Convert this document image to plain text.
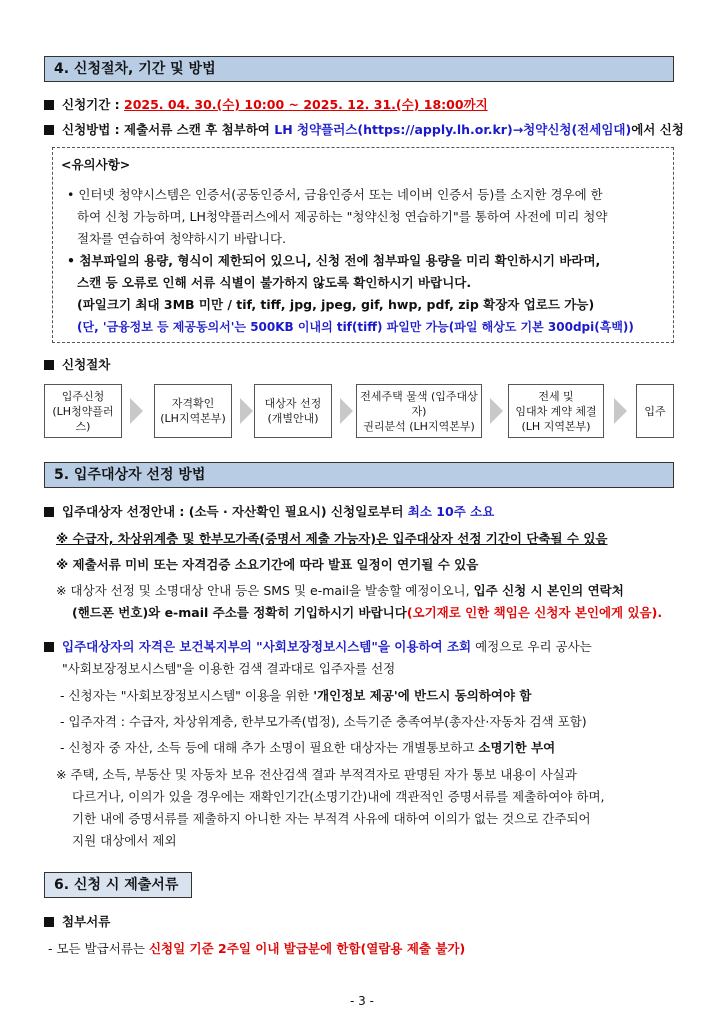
4. 신청절차, 기간 및 방법
신청기간 : 2025. 04. 30.(수) 10:00 ~ 2025. 12. 31.(수) 18:00까지
신청방법 : 제출서류 스캔 후 첨부하여 LH 청약플러스(https://apply.lh.or.kr)→청약신청(전세임대)에서 신청
<유의사항>
• 인터넷 청약시스템은 인증서(공동인증서, 금융인증서 또는 네이버 인증서 등)를 소지한 경우에 한
하여 신청 가능하며, LH청약플러스에서 제공하는 "청약신청 연습하기"를 통하여 사전에 미리 청약
절차를 연습하여 청약하시기 바랍니다.
• 첨부파일의 용량, 형식이 제한되어 있으니, 신청 전에 첨부파일 용량을 미리 확인하시기 바라며,
스캔 등 오류로 인해 서류 식별이 불가하지 않도록 확인하시기 바랍니다.
(파일크기 최대 3MB 미만 / tif, tiff, jpg, jpeg, gif, hwp, pdf, zip 확장자 업로드 가능)
(단, '금융정보 등 제공동의서'는 500KB 이내의 tif(tiff) 파일만 가능(파일 해상도 기본 300dpi(흑백))
신청절차
입주신청
(LH청약플러스)
자격확인
(LH지역본부)
대상자 선정
(개별안내)
전세주택 물색 (입주대상자)
권리분석 (LH지역본부)
전세 및
임대차 계약 체결
(LH 지역본부)
입주
5. 입주대상자 선정 방법
입주대상자 선정안내 : (소득 · 자산확인 필요시) 신청일로부터 최소 10주 소요
※ 수급자, 차상위계층 및 한부모가족(증명서 제출 가능자)은 입주대상자 선정 기간이 단축될 수 있음
※ 제출서류 미비 또는 자격검증 소요기간에 따라 발표 일정이 연기될 수 있음
※ 대상자 선정 및 소명대상 안내 등은 SMS 및 e-mail을 발송할 예정이오니, 입주 신청 시 본인의 연락처
(핸드폰 번호)와 e-mail 주소를 정확히 기입하시기 바랍니다(오기재로 인한 책임은 신청자 본인에게 있음).
입주대상자의 자격은 보건복지부의 "사회보장정보시스템"을 이용하여 조회 예정으로 우리 공사는
"사회보장정보시스템"을 이용한 검색 결과대로 입주자를 선정
- 신청자는 "사회보장정보시스템" 이용을 위한 '개인정보 제공'에 반드시 동의하여야 함
- 입주자격 : 수급자, 차상위계층, 한부모가족(법정), 소득기준 충족여부(총자산·자동차 검색 포함)
- 신청자 중 자산, 소득 등에 대해 추가 소명이 필요한 대상자는 개별통보하고 소명기한 부여
※ 주택, 소득, 부동산 및 자동차 보유 전산검색 결과 부적격자로 판명된 자가 통보 내용이 사실과
다르거나, 이의가 있을 경우에는 재확인기간(소명기간)내에 객관적인 증명서류를 제출하여야 하며,
기한 내에 증명서류를 제출하지 아니한 자는 부적격 사유에 대하여 이의가 없는 것으로 간주되어
지원 대상에서 제외
6. 신청 시 제출서류
첨부서류
- 모든 발급서류는 신청일 기준 2주일 이내 발급분에 한함(열람용 제출 불가)
- 3 -
